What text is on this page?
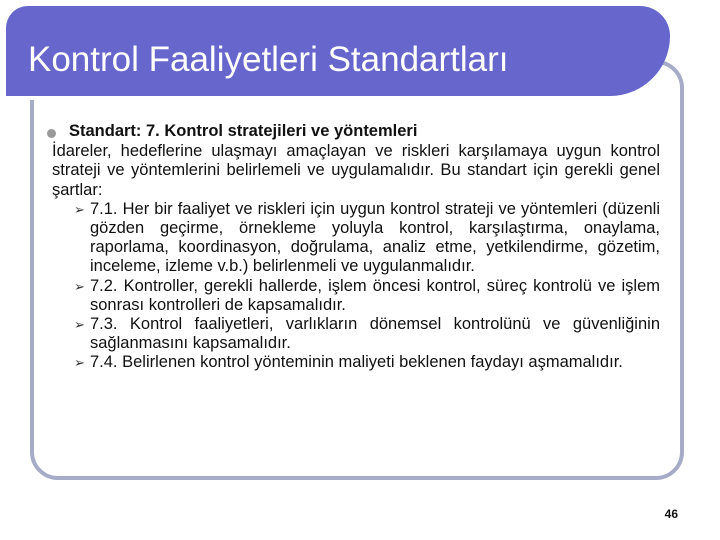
Kontrol Faaliyetleri Standartları
Standart: 7. Kontrol stratejileri ve yöntemleri
İdareler, hedeflerine ulaşmayı amaçlayan ve riskleri karşılamaya uygun kontrol strateji ve yöntemlerini belirlemeli ve uygulamalıdır. Bu standart için gerekli genel şartlar:
➢ 7.1. Her bir faaliyet ve riskleri için uygun kontrol strateji ve yöntemleri (düzenli gözden geçirme, örnekleme yoluyla kontrol, karşılaştırma, onaylama, raporlama, koordinasyon, doğrulama, analiz etme, yetkilendirme, gözetim, inceleme, izleme v.b.) belirlenmeli ve uygulanmalıdır.
➢ 7.2. Kontroller, gerekli hallerde, işlem öncesi kontrol, süreç kontrolü ve işlem sonrası kontrolleri de kapsamalıdır.
➢ 7.3. Kontrol faaliyetleri, varlıkların dönemsel kontrolünü ve güvenliğinin sağlanmasını kapsamalıdır.
➢ 7.4. Belirlenen kontrol yönteminin maliyeti beklenen faydayı aşmamalıdır.
46
